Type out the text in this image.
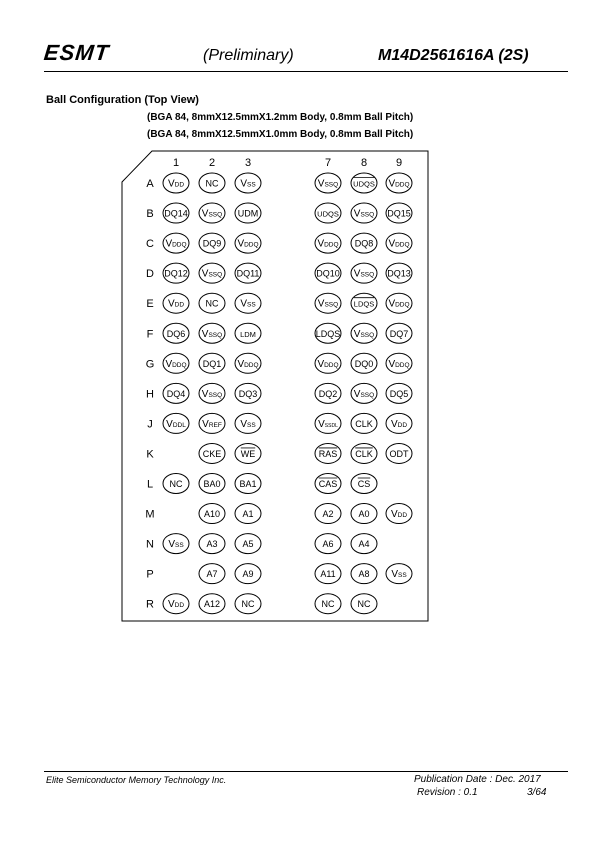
ESMT	(Preliminary)	M14D2561616A (2S)
Ball Configuration (Top View)
(BGA 84, 8mmX12.5mmX1.2mm Body, 0.8mm Ball Pitch)
(BGA 84, 8mmX12.5mmX1.0mm Body, 0.8mm Ball Pitch)
1	2	3	7	8	9
A VDD NC VSS	VSSQ UDQS VDDQ
B DQ14 VSSQ UDM	UDQS VSSQ DQ15
C VDDQ DQ9 VDDQ	VDDQ DQ8 VDDQ
D DQ12 VSSQ DQ11	DQ10 VSSQ DQ13
E VDD NC VSS	VSSQ LDQS VDDQ
F DQ6 VSSQ LDM	LDQS VSSQ DQ7
G VDDQ DQ1 VDDQ	VDDQ DQ0 VDDQ
H DQ4 VSSQ DQ3	DQ2 VSSQ DQ5
J VDDL VREF VSS	VSSDL CLK VDD
K	CKE WE	RAS CLK ODT
L NC BA0 BA1	CAS CS
M	A10 A1	A2	A0 VDD
N VSS	A3	A5	A6	A4
P	A7	A9	A11	A8 VSS
R VDD A12 NC	NC	NC
Elite Semiconductor Memory Technology Inc.	Publication Date : Dec. 2017
Revision : 0.1	3/64
